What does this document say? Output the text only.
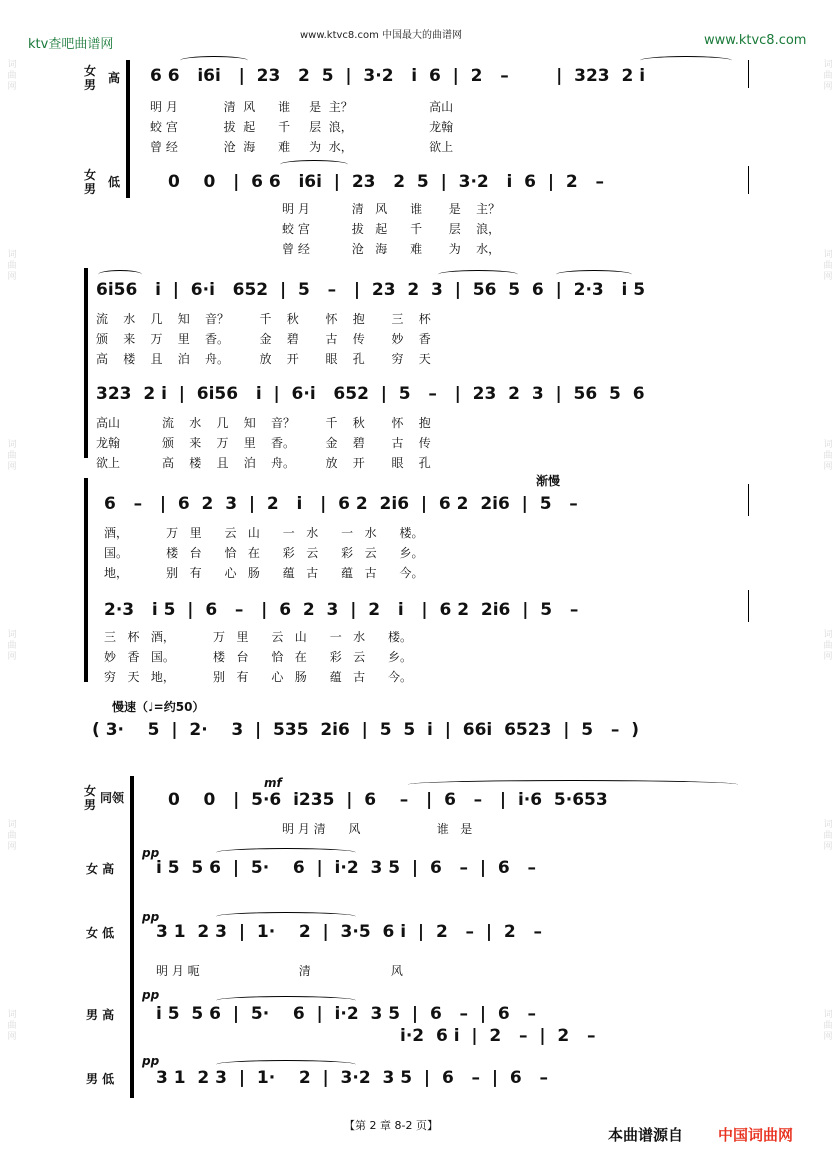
词曲网
词曲网
词曲网
词曲网
词曲网
词曲网
词曲网
词曲网
词曲网
词曲网
词曲网
词曲网
ktv查吧曲谱网
www.ktvc8.com 中国最大的曲谱网	www.ktvc8.com
女
男 高 6 6   i6i   |  23   2  5  |  3·2   i  6  |  2   –        |  323  2 i
明 月            清  风      谁     是  主？                    高山
蛟 宫            拔  起      千     层  浪，                    龙翰
曾 经            沧  海      难     为  水，                    欲上
女
男 低	0    0   |  6 6   i6i  |  23   2  5  |  3·2   i  6  |  2   –
明 月           清   风      谁       是    主？
蛟 宫           拔   起      千       层    浪，
曾 经           沧   海      难       为    水，
6i56   i  |  6·i   652  |  5   –   |  23  2  3  |  56  5  6  |  2·3   i 5
流    水    几    知    音？        千    秋       怀    抱       三    杯
颁    来    万    里    香。        金    碧       古    传       妙    香
高    楼    且    泊    舟。        放    开       眼    孔       穷    天
323  2 i  |  6i56   i  |  6·i   652  |  5   –   |  23  2  3  |  56  5  6
高山           流    水    几    知    音？        千    秋       怀    抱
龙翰           颁    来    万    里    香。        金    碧       古    传
欲上           高    楼    且    泊    舟。        放    开       眼    孔
渐慢
6   –   |  6  2  3  |  2   i   |  6 2  2i6  |  6 2  2i6  |  5   –
酒，          万   里      云   山      一   水      一   水      楼。
国。          楼   台      恰   在      彩   云      彩   云      乡。
地，          别   有      心   肠      蕴   古      蕴   古      今。
2·3   i 5  |  6   –   |  6  2  3  |  2   i   |  6 2  2i6  |  5   –
三   杯   酒，          万   里      云   山      一   水      楼。
妙   香   国。          楼   台      恰   在      彩   云      乡。
穷   天   地，          别   有      心   肠      蕴   古      今。
慢速（♩=约50）
( 3·    5  |  2·    3  |  535  2i6  |  5  5  i  |  66i  6523  |  5   –  )
女
男 同领
mf
0    0   |  5·6  i235  |  6    –   |  6   –   |  i·6  5·653
明 月 清      风                    谁   是
女 高
pp
i 5  5 6  |  5·    6  |  i·2  3 5  |  6   –  |  6   –
女 低
pp
3 1  2 3  |  1·    2  |  3·5  6 i  |  2   –  |  2   –
明 月 呃                          清                     风
男 高
pp
i 5  5 6  |  5·    6  |  i·2  3 5  |  6   –  |  6   –
i·2  6 i  |  2   –  |  2   –
男 低
pp
3 1  2 3  |  1·    2  |  3·2  3 5  |  6   –  |  6   –
【第 2 章 8-2 页】
本曲谱源自 中国词曲网
